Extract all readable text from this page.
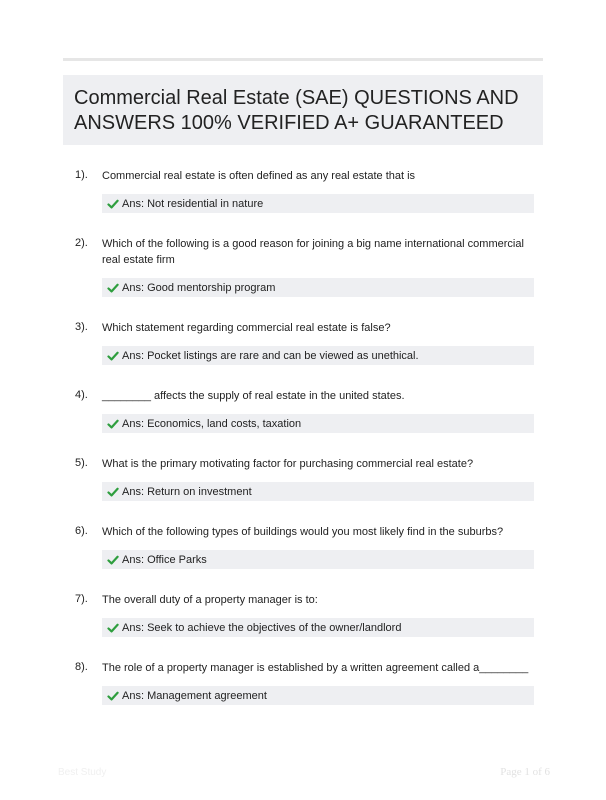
Commercial Real Estate (SAE) QUESTIONS AND ANSWERS 100% VERIFIED A+ GUARANTEED
1).	Commercial real estate is often defined as any real estate that is
Ans: Not residential in nature
2).	Which of the following is a good reason for joining a big name international commercial real estate firm
Ans: Good mentorship program
3).	Which statement regarding commercial real estate is false?
Ans: Pocket listings are rare and can be viewed as unethical.
4).	________ affects the supply of real estate in the united states.
Ans: Economics, land costs, taxation
5).	What is the primary motivating factor for purchasing commercial real estate?
Ans: Return on investment
6).	Which of the following types of buildings would you most likely find in the suburbs?
Ans: Office Parks
7).	The overall duty of a property manager is to:
Ans: Seek to achieve the objectives of the owner/landlord
8).	The role of a property manager is established by a written agreement called a________
Ans: Management agreement
Best Study	Page 1 of 6
